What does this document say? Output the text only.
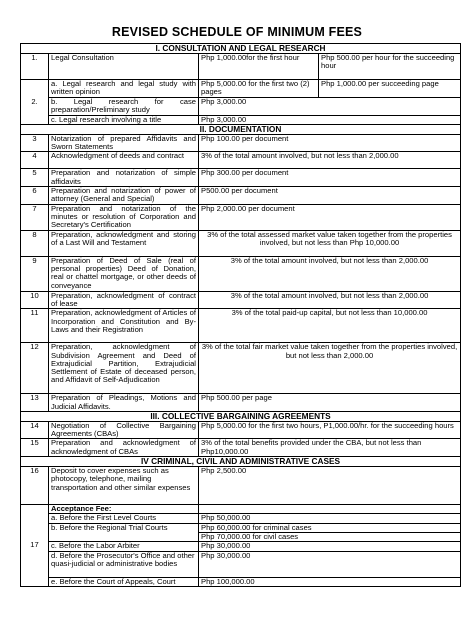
REVISED SCHEDULE OF MINIMUM FEES
I. CONSULTATION AND LEGAL RESEARCH			
1.	Legal Consultation	Php 1,000.00for the first hour	Php 500.00 per hour for the succeeding hour
2.	a. Legal research and legal study with written opinion	Php 5,000.00 for the first two (2) pages	Php 1,000.00 per succeeding page
	b. Legal research for case preparation/Preliminary study	Php 3,000.00	
	c. Legal research involving a title	Php 3,000.00	
II. DOCUMENTATION			
3	Notarization of prepared Affidavits and Sworn Statements	Php 100.00 per document	
4	Acknowledgment of deeds and contract	3% of the total amount involved, but not less than 2,000.00	
5	Preparation and notarization of simple affidavits	Php 300.00 per document	
6	Preparation and notarization of power of attorney (General and Special)	P500.00 per document	
7	Preparation and notarization of the minutes or resolution of Corporation and Secretary's Certification	Php 2,000.00 per document	
8	Preparation, acknowledgment and storing of a Last Will and Testament	3% of the total assessed market value taken together from the properties involved, but not less than Php 10,000.00	
9	Preparation of Deed of Sale (real of personal properties) Deed of Donation, real or chattel mortgage, or other deeds of conveyance	3% of the total amount involved, but not less than 2,000.00	
10	Preparation, acknowledgment of contract of lease	3% of the total amount involved, but not less than 2,000.00	
11	Preparation, acknowledgment of Articles of Incorporation and Constitution and By-Laws and their Registration	3% of the total paid-up capital, but not less than 10,000.00	
12	Preparation, acknowledgment of Subdivision Agreement and Deed of Extrajudicial Partition, Extrajudicial Settlement of Estate of deceased person, and Affidavit of Self-Adjudication	3% of the total fair market value taken together from the properties involved, but not less than 2,000.00	
13	Preparation of Pleadings, Motions and Judicial Affidavits.	Php 500.00 per page	
III. COLLECTIVE BARGAINING AGREEMENTS			
14	Negotiation of Collective Bargaining Agreements (CBAs)	Php 5,000.00 for the first two hours, P1,000.00/hr. for the succeeding hours	
15	Preparation and acknowledgment of acknowledgment of CBAs	3% of the total benefits provided under the CBA, but not less than Php10,000.00	
IV CRIMINAL, CIVIL AND ADMINISTRATIVE CASES			
16	Deposit to cover expenses such as photocopy, telephone, mailing transportation and other similar expenses	Php 2,500.00	
17	Acceptance Fee:		
	a. Before the First Level Courts	Php 50,000.00	
	b. Before the Regional Trial Courts	Php 60,000.00 for criminal cases	
		Php 70,000.00 for civil cases	
	c. Before the Labor Arbiter	Php 30,000.00	
	d. Before the Prosecutor's Office and other quasi-judicial or administrative bodies	Php 30,000.00	
	e. Before the Court of Appeals, Court	Php 100,000.00	
